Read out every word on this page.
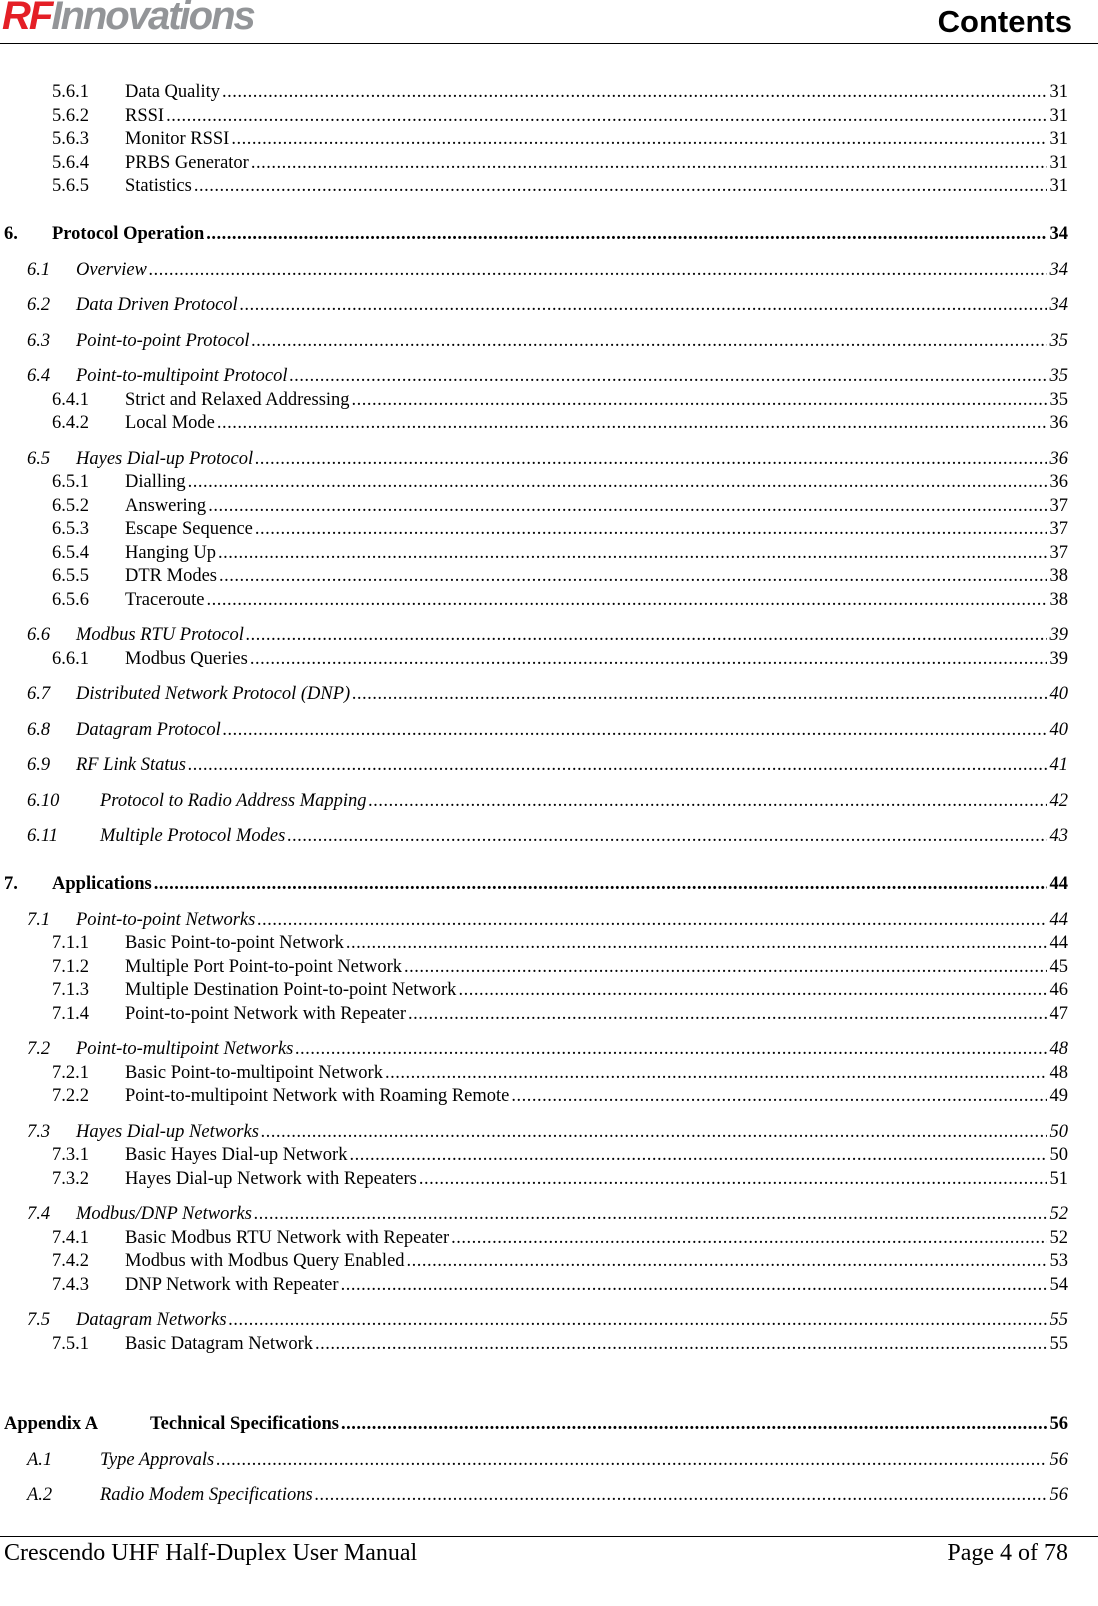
RFInnovations	Contents
5.6.1	Data Quality .....	31
5.6.2	RSSI .....	31
5.6.3	Monitor RSSI .....	31
5.6.4	PRBS Generator .....	31
5.6.5	Statistics .....	31
6.	Protocol Operation .....	34
6.1	Overview .....	34
6.2	Data Driven Protocol .....	34
6.3	Point-to-point Protocol .....	35
6.4	Point-to-multipoint Protocol .....	35
6.4.1	Strict and Relaxed Addressing .....	35
6.4.2	Local Mode .....	36
6.5	Hayes Dial-up Protocol .....	36
6.5.1	Dialling .....	36
6.5.2	Answering .....	37
6.5.3	Escape Sequence .....	37
6.5.4	Hanging Up .....	37
6.5.5	DTR Modes .....	38
6.5.6	Traceroute .....	38
6.6	Modbus RTU Protocol .....	39
6.6.1	Modbus Queries .....	39
6.7	Distributed Network Protocol (DNP) .....	40
6.8	Datagram Protocol .....	40
6.9	RF Link Status .....	41
6.10	Protocol to Radio Address Mapping .....	42
6.11	Multiple Protocol Modes .....	43
7.	Applications .....	44
7.1	Point-to-point Networks .....	44
7.1.1	Basic Point-to-point Network .....	44
7.1.2	Multiple Port Point-to-point Network .....	45
7.1.3	Multiple Destination Point-to-point Network .....	46
7.1.4	Point-to-point Network with Repeater .....	47
7.2	Point-to-multipoint Networks .....	48
7.2.1	Basic Point-to-multipoint Network .....	48
7.2.2	Point-to-multipoint Network with Roaming Remote .....	49
7.3	Hayes Dial-up Networks .....	50
7.3.1	Basic Hayes Dial-up Network .....	50
7.3.2	Hayes Dial-up Network with Repeaters .....	51
7.4	Modbus/DNP Networks .....	52
7.4.1	Basic Modbus RTU Network with Repeater .....	52
7.4.2	Modbus with Modbus Query Enabled .....	53
7.4.3	DNP Network with Repeater .....	54
7.5	Datagram Networks .....	55
7.5.1	Basic Datagram Network .....	55
Appendix A	Technical Specifications .....	56
A.1	Type Approvals .....	56
A.2	Radio Modem Specifications .....	56
Crescendo UHF Half-Duplex User Manual	Page 4 of 78
